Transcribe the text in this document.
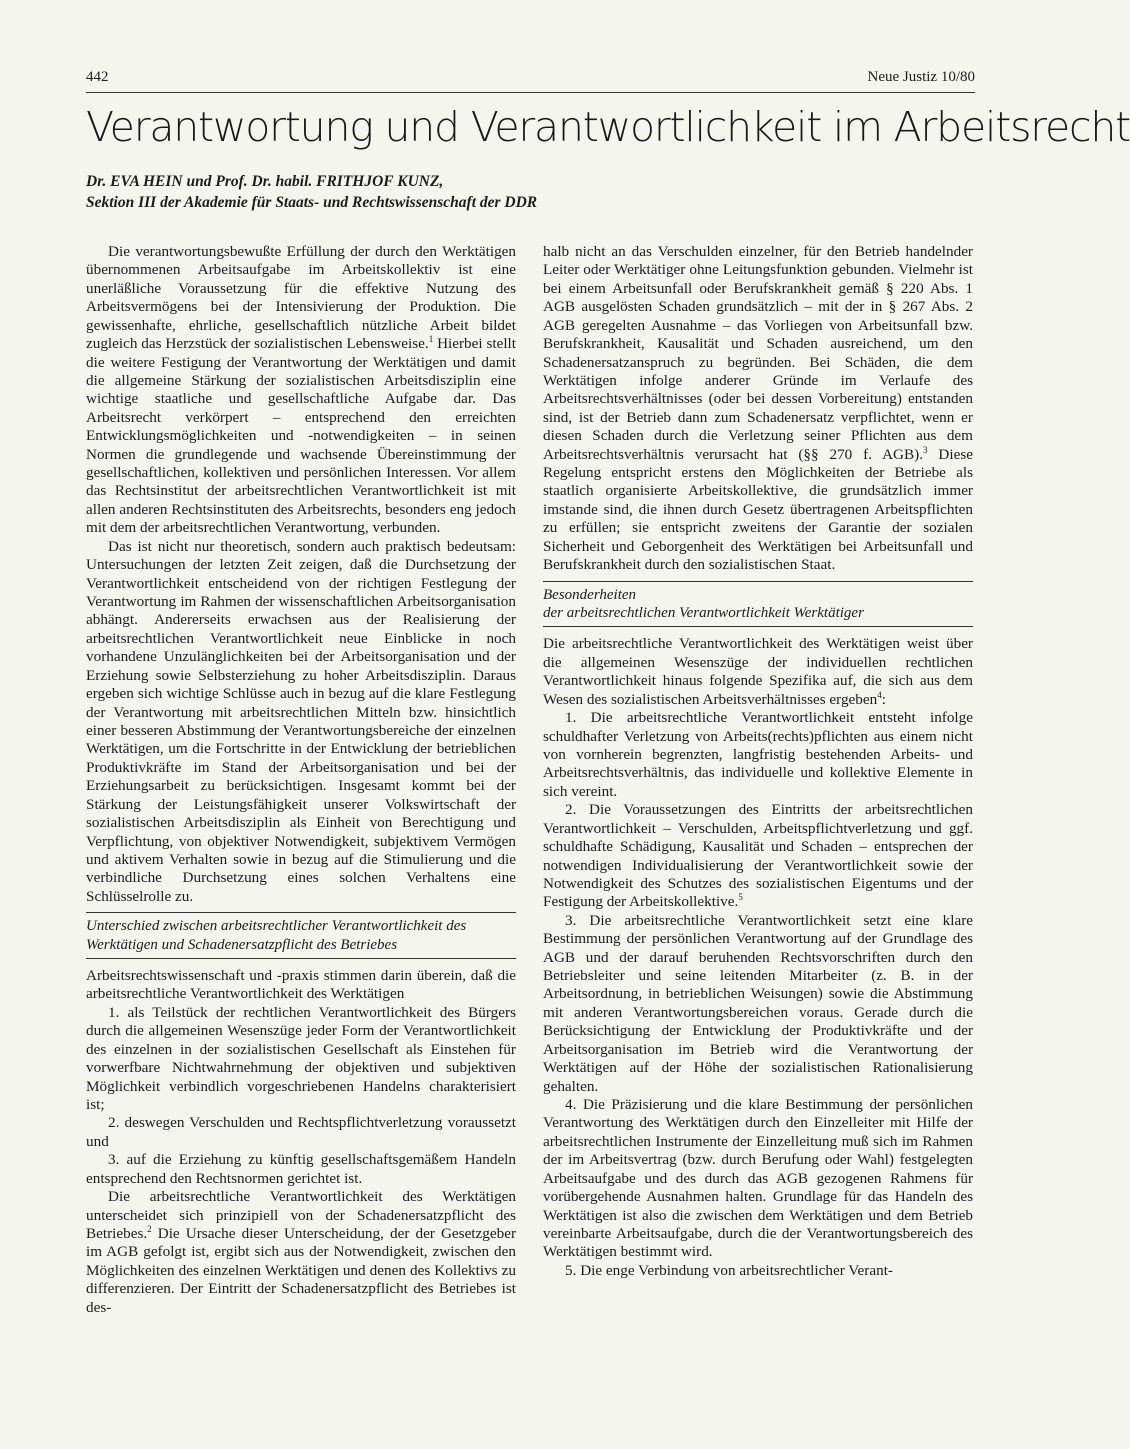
442	Neue Justiz 10/80
Verantwortung und Verantwortlichkeit im Arbeitsrecht
Dr. EVA HEIN und Prof. Dr. habil. FRITHJOF KUNZ,
Sektion III der Akademie für Staats- und Rechtswissenschaft der DDR

Die verantwortungsbewußte Erfüllung der durch den Werktätigen übernommenen Arbeitsaufgabe im Arbeitskollektiv ist eine unerläßliche Voraussetzung für die effektive Nutzung des Arbeitsvermögens bei der Intensivierung der Produktion. Die gewissenhafte, ehrliche, gesellschaftlich nützliche Arbeit bildet zugleich das Herzstück der sozialistischen Lebensweise.$^1$ Hierbei stellt die weitere Festigung der Verantwortung der Werktätigen und damit die allgemeine Stärkung der sozialistischen Arbeitsdisziplin eine wichtige staatliche und gesellschaftliche Aufgabe dar. Das Arbeitsrecht verkörpert – entsprechend den erreichten Entwicklungsmöglichkeiten und -notwendigkeiten – in seinen Normen die grundlegende und wachsende Übereinstimmung der gesellschaftlichen, kollektiven und persönlichen Interessen. Vor allem das Rechtsinstitut der arbeitsrechtlichen Verantwortlichkeit ist mit allen anderen Rechtsinstituten des Arbeitsrechts, besonders eng jedoch mit dem der arbeitsrechtlichen Verantwortung, verbunden.

Das ist nicht nur theoretisch, sondern auch praktisch bedeutsam: Untersuchungen der letzten Zeit zeigen, daß die Durchsetzung der Verantwortlichkeit entscheidend von der richtigen Festlegung der Verantwortung im Rahmen der wissenschaftlichen Arbeitsorganisation abhängt. Andererseits erwachsen aus der Realisierung der arbeitsrechtlichen Verantwortlichkeit neue Einblicke in noch vorhandene Unzulänglichkeiten bei der Arbeitsorganisation und der Erziehung sowie Selbsterziehung zu hoher Arbeitsdisziplin. Daraus ergeben sich wichtige Schlüsse auch in bezug auf die klare Festlegung der Verantwortung mit arbeitsrechtlichen Mitteln bzw. hinsichtlich einer besseren Abstimmung der Verantwortungsbereiche der einzelnen Werktätigen, um die Fortschritte in der Entwicklung der betrieblichen Produktivkräfte im Stand der Arbeitsorganisation und bei der Erziehungsarbeit zu berücksichtigen. Insgesamt kommt bei der Stärkung der Leistungsfähigkeit unserer Volkswirtschaft der sozialistischen Arbeitsdisziplin als Einheit von Berechtigung und Verpflichtung, von objektiver Notwendigkeit, subjektivem Vermögen und aktivem Verhalten sowie in bezug auf die Stimulierung und die verbindliche Durchsetzung eines solchen Verhaltens eine Schlüsselrolle zu.

Unterschied zwischen arbeitsrechtlicher Verantwortlichkeit des Werktätigen und Schadenersatzpflicht des Betriebes

Arbeitsrechtswissenschaft und -praxis stimmen darin überein, daß die arbeitsrechtliche Verantwortlichkeit des Werktätigen

1. als Teilstück der rechtlichen Verantwortlichkeit des Bürgers durch die allgemeinen Wesenszüge jeder Form der Verantwortlichkeit des einzelnen in der sozialistischen Gesellschaft als Einstehen für vorwerfbare Nichtwahrnehmung der objektiven und subjektiven Möglichkeit verbindlich vorgeschriebenen Handelns charakterisiert ist;

2. deswegen Verschulden und Rechtspflichtverletzung voraussetzt und

3. auf die Erziehung zu künftig gesellschaftsgemäßem Handeln entsprechend den Rechtsnormen gerichtet ist.

Die arbeitsrechtliche Verantwortlichkeit des Werktätigen unterscheidet sich prinzipiell von der Schadenersatzpflicht des Betriebes.$^2$ Die Ursache dieser Unterscheidung, der der Gesetzgeber im AGB gefolgt ist, ergibt sich aus der Notwendigkeit, zwischen den Möglichkeiten des einzelnen Werktätigen und denen des Kollektivs zu differenzieren. Der Eintritt der Schadenersatzpflicht des Betriebes ist des-

halb nicht an das Verschulden einzelner, für den Betrieb handelnder Leiter oder Werktätiger ohne Leitungsfunktion gebunden. Vielmehr ist bei einem Arbeitsunfall oder Berufskrankheit gemäß § 220 Abs. 1 AGB ausgelösten Schaden grundsätzlich – mit der in § 267 Abs. 2 AGB geregelten Ausnahme – das Vorliegen von Arbeitsunfall bzw. Berufskrankheit, Kausalität und Schaden ausreichend, um den Schadenersatzanspruch zu begründen. Bei Schäden, die dem Werktätigen infolge anderer Gründe im Verlaufe des Arbeitsrechtsverhältnisses (oder bei dessen Vorbereitung) entstanden sind, ist der Betrieb dann zum Schadenersatz verpflichtet, wenn er diesen Schaden durch die Verletzung seiner Pflichten aus dem Arbeitsrechtsverhältnis verursacht hat (§§ 270 f. AGB).$^3$ Diese Regelung entspricht erstens den Möglichkeiten der Betriebe als staatlich organisierte Arbeitskollektive, die grundsätzlich immer imstande sind, die ihnen durch Gesetz übertragenen Arbeitspflichten zu erfüllen; sie entspricht zweitens der Garantie der sozialen Sicherheit und Geborgenheit des Werktätigen bei Arbeitsunfall und Berufskrankheit durch den sozialistischen Staat.

Besonderheiten
der arbeitsrechtlichen Verantwortlichkeit Werktätiger

Die arbeitsrechtliche Verantwortlichkeit des Werktätigen weist über die allgemeinen Wesenszüge der individuellen rechtlichen Verantwortlichkeit hinaus folgende Spezifika auf, die sich aus dem Wesen des sozialistischen Arbeitsverhältnisses ergeben$^4$:

1. Die arbeitsrechtliche Verantwortlichkeit entsteht infolge schuldhafter Verletzung von Arbeits(rechts)pflichten aus einem nicht von vornherein begrenzten, langfristig bestehenden Arbeits- und Arbeitsrechtsverhältnis, das individuelle und kollektive Elemente in sich vereint.

2. Die Voraussetzungen des Eintritts der arbeitsrechtlichen Verantwortlichkeit – Verschulden, Arbeitspflichtverletzung und ggf. schuldhafte Schädigung, Kausalität und Schaden – entsprechen der notwendigen Individualisierung der Verantwortlichkeit sowie der Notwendigkeit des Schutzes des sozialistischen Eigentums und der Festigung der Arbeitskollektive.$^5$

3. Die arbeitsrechtliche Verantwortlichkeit setzt eine klare Bestimmung der persönlichen Verantwortung auf der Grundlage des AGB und der darauf beruhenden Rechtsvorschriften durch den Betriebsleiter und seine leitenden Mitarbeiter (z. B. in der Arbeitsordnung, in betrieblichen Weisungen) sowie die Abstimmung mit anderen Verantwortungsbereichen voraus. Gerade durch die Berücksichtigung der Entwicklung der Produktivkräfte und der Arbeitsorganisation im Betrieb wird die Verantwortung der Werktätigen auf der Höhe der sozialistischen Rationalisierung gehalten.

4. Die Präzisierung und die klare Bestimmung der persönlichen Verantwortung des Werktätigen durch den Einzelleiter mit Hilfe der arbeitsrechtlichen Instrumente der Einzelleitung muß sich im Rahmen der im Arbeitsvertrag (bzw. durch Berufung oder Wahl) festgelegten Arbeitsaufgabe und des durch das AGB gezogenen Rahmens für vorübergehende Ausnahmen halten. Grundlage für das Handeln des Werktätigen ist also die zwischen dem Werktätigen und dem Betrieb vereinbarte Arbeitsaufgabe, durch die der Verantwortungsbereich des Werktätigen bestimmt wird.

5. Die enge Verbindung von arbeitsrechtlicher Verant-
